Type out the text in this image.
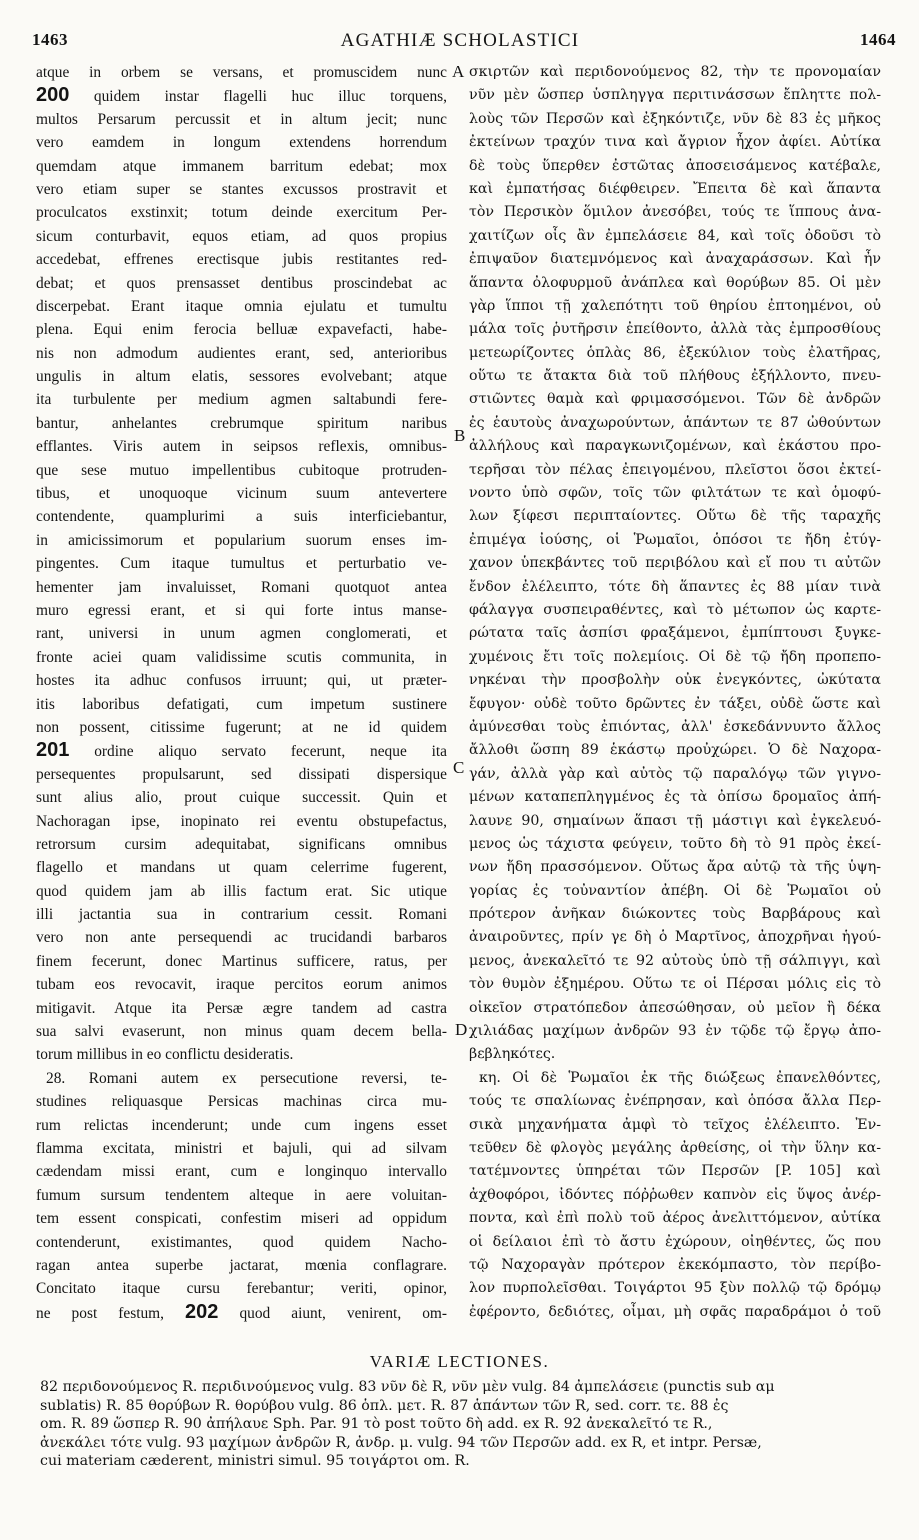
1463	AGATHIÆ SCHOLASTICI	1464
atque in orbem se versans, et promuscidem nunc
200 quidem instar flagelli huc illuc torquens,
multos Persarum percussit et in altum jecit; nunc
vero eamdem in longum extendens horrendum
quemdam atque immanem barritum edebat; mox
vero etiam super se stantes excussos prostravit et
proculcatos exstinxit; totum deinde exercitum Per-
sicum conturbavit, equos etiam, ad quos propius
accedebat, effrenes erectisque jubis restitantes red-
debat; et quos prensasset dentibus proscindebat ac
discerpebat. Erant itaque omnia ejulatu et tumultu
plena. Equi enim ferocia belluæ expavefacti, habe-
nis non admodum audientes erant, sed, anterioribus
ungulis in altum elatis, sessores evolvebant; atque
ita turbulente per medium agmen saltabundi fere-
bantur, anhelantes crebrumque spiritum naribus
efflantes. Viris autem in seipsos reflexis, omnibus-
que sese mutuo impellentibus cubitoque protruden-
tibus, et unoquoque vicinum suum antevertere
contendente, quamplurimi a suis interficiebantur,
in amicissimorum et popularium suorum enses im-
pingentes. Cum itaque tumultus et perturbatio ve-
hementer jam invaluisset, Romani quotquot antea
muro egressi erant, et si qui forte intus manse-
rant, universi in unum agmen conglomerati, et
fronte aciei quam validissime scutis communita, in
hostes ita adhuc confusos irruunt; qui, ut præter-
itis laboribus defatigati, cum impetum sustinere
non possent, citissime fugerunt; at ne id quidem
201 ordine aliquo servato fecerunt, neque ita
persequentes propulsarunt, sed dissipati dispersique
sunt alius alio, prout cuique successit. Quin et
Nachoragan ipse, inopinato rei eventu obstupefactus,
retrorsum cursim adequitabat, significans omnibus
flagello et mandans ut quam celerrime fugerent,
quod quidem jam ab illis factum erat. Sic utique
illi jactantia sua in contrarium cessit. Romani
vero non ante persequendi ac trucidandi barbaros
finem fecerunt, donec Martinus sufficere, ratus, per
tubam eos revocavit, iraque percitos eorum animos
mitigavit. Atque ita Persæ ægre tandem ad castra
sua salvi evaserunt, non minus quam decem bella-
torum millibus in eo conflictu desideratis.
28. Romani autem ex persecutione reversi, te-
studines reliquasque Persicas machinas circa mu-
rum relictas incenderunt; unde cum ingens esset
flamma excitata, ministri et bajuli, qui ad silvam
cædendam missi erant, cum e longinquo intervallo
fumum sursum tendentem alteque in aere voluitan-
tem essent conspicati, confestim miseri ad oppidum
contenderunt, existimantes, quod quidem Nacho-
ragan antea superbe jactarat, mœnia conflagrare.
Concitato itaque cursu ferebantur; veriti, opinor,
ne post festum, 202 quod aiunt, venirent, om-
A
B
C
D
σκιρτῶν καὶ περιδονούμενος 82, τὴν τε προνομαίαν
νῦν μὲν ὥσπερ ὑσπληγγα περιτινάσσων ἔπληττε πολ-
λοὺς τῶν Περσῶν καὶ ἐξηκόντιζε, νῦν δὲ 83 ἐς μῆκος
ἐκτείνων τραχύν τινα καὶ ἄγριον ἦχον ἀφίει. Αὐτίκα
δὲ τοὺς ὕπερθεν ἐστῶτας ἀποσεισάμενος κατέβαλε,
καὶ ἐμπατήσας διέφθειρεν. Ἔπειτα δὲ καὶ ἅπαντα
τὸν Περσικὸν ὅμιλον ἀνεσόβει, τούς τε ἵππους ἀνα-
χαιτίζων οἷς ἂν ἐμπελάσειε 84, καὶ τοῖς ὀδοῦσι τὸ
ἐπιψαῦον διατεμνόμενος καὶ ἀναχαράσσων. Καὶ ἦν
ἅπαντα ὀλοφυρμοῦ ἀνάπλεα καὶ θορύβων 85. Οἱ μὲν
γὰρ ἵπποι τῇ χαλεπότητι τοῦ θηρίου ἐπτοημένοι, οὐ
μάλα τοῖς ῥυτῆρσιν ἐπείθοντο, ἀλλὰ τὰς ἐμπροσθίους
μετεωρίζοντες ὁπλὰς 86, ἐξεκύλιον τοὺς ἐλατῆρας,
οὕτω τε ἄτακτα διὰ τοῦ πλήθους ἐξήλλοντο, πνευ-
στιῶντες θαμὰ καὶ φριμασσόμενοι. Τῶν δὲ ἀνδρῶν
ἐς ἑαυτοὺς ἀναχωρούντων, ἁπάντων τε 87 ὠθούντων
ἀλλήλους καὶ παραγκωνιζομένων, καὶ ἑκάστου προ-
τερῆσαι τὸν πέλας ἐπειγομένου, πλεῖστοι ὅσοι ἐκτεί-
νοντο ὑπὸ σφῶν, τοῖς τῶν φιλτάτων τε καὶ ὁμοφύ-
λων ξίφεσι περιπταίοντες. Οὕτω δὲ τῆς ταραχῆς
ἐπιμέγα ἰούσης, οἱ Ῥωμαῖοι, ὁπόσοι τε ἤδη ἐτύγ-
χανον ὑπεκβάντες τοῦ περιβόλου καὶ εἴ που τι αὐτῶν
ἔνδον ἐλέλειπτο, τότε δὴ ἅπαντες ἐς 88 μίαν τινὰ
φάλαγγα συσπειραθέντες, καὶ τὸ μέτωπον ὡς καρτε-
ρώτατα ταῖς ἀσπίσι φραξάμενοι, ἐμπίπτουσι ξυγκε-
χυμένοις ἔτι τοῖς πολεμίοις. Οἱ δὲ τῷ ἤδη προπεπο-
νηκέναι τὴν προσβολὴν οὐκ ἐνεγκόντες, ὠκύτατα
ἔφυγον· οὐδὲ τοῦτο δρῶντες ἐν τάξει, οὐδὲ ὥστε καὶ
ἀμύνεσθαι τοὺς ἐπιόντας, ἀλλ' ἐσκεδάννυντο ἄλλος
ἄλλοθι ὥσπη 89 ἑκάστῳ προὐχώρει. Ὁ δὲ Ναχορα-
γάν, ἀλλὰ γὰρ καὶ αὐτὸς τῷ παραλόγῳ τῶν γιγνο-
μένων καταπεπληγμένος ἐς τὰ ὀπίσω δρομαῖος ἀπή-
λαυνε 90, σημαίνων ἅπασι τῇ μάστιγι καὶ ἐγκελευό-
μενος ὡς τάχιστα φεύγειν, τοῦτο δὴ τὸ 91 πρὸς ἐκεί-
νων ἤδη πρασσόμενον. Οὕτως ἄρα αὐτῷ τὰ τῆς ὑψη-
γορίας ἐς τοὐναντίον ἀπέβη. Οἱ δὲ Ῥωμαῖοι οὐ
πρότερον ἀνῆκαν διώκοντες τοὺς Βαρβάρους καὶ
ἀναιροῦντες, πρίν γε δὴ ὁ Μαρτῖνος, ἀποχρῆναι ἡγού-
μενος, ἀνεκαλεῖτό τε 92 αὐτοὺς ὑπὸ τῇ σάλπιγγι, καὶ
τὸν θυμὸν ἐξημέρου. Οὕτω τε οἱ Πέρσαι μόλις εἰς τὸ
οἰκεῖον στρατόπεδον ἀπεσώθησαν, οὐ μεῖον ἢ δέκα
χιλιάδας μαχίμων ἀνδρῶν 93 ἐν τῷδε τῷ ἔργῳ ἀπο-
βεβληκότες.
κη. Οἱ δὲ Ῥωμαῖοι ἐκ τῆς διώξεως ἐπανελθόντες,
τούς τε σπαλίωνας ἐνέπρησαν, καὶ ὁπόσα ἄλλα Περ-
σικὰ μηχανήματα ἀμφὶ τὸ τεῖχος ἐλέλειπτο. Ἐν-
τεῦθεν δὲ φλογὸς μεγάλης ἀρθείσης, οἱ τὴν ὕλην κα-
τατέμνοντες ὑπηρέται τῶν Περσῶν [P. 105] καὶ
ἀχθοφόροι, ἰδόντες πόῤῥωθεν καπνὸν εἰς ὕψος ἀνέρ-
ποντα, καὶ ἐπὶ πολὺ τοῦ ἀέρος ἀνελιττόμενον, αὐτίκα
οἱ δείλαιοι ἐπὶ τὸ ἄστυ ἐχώρουν, οἰηθέντες, ὥς που
τῷ Ναχοραγὰν πρότερον ἐκεκόμπαστο, τὸν περίβο-
λον πυρπολεῖσθαι. Τοιγάρτοι 95 ξὺν πολλῷ τῷ δρόμῳ
ἐφέροντο, δεδιότες, οἶμαι, μὴ σφᾶς παραδράμοι ὁ τοῦ
VARIÆ LECTIONES.
82 περιδονούμενος R. περιδινούμενος vulg. 83 νῦν δὲ R, νῦν μὲν vulg. 84 ἀμπελάσειε (punctis sub αμ
sublatis) R. 85 θορύβων R. θορύβου vulg. 86 ὁπλ. μετ. R. 87 ἁπάντων τῶν R, sed. corr. τε. 88 ἐς
om. R. 89 ὥσπερ R. 90 ἀπήλαυε Sph. Par. 91 τὸ post τοῦτο δὴ add. ex R. 92 ἀνεκαλεῖτό τε R.,
ἀνεκάλει τότε vulg. 93 μαχίμων ἀνδρῶν R, ἀνδρ. μ. vulg. 94 τῶν Περσῶν add. ex R, et intpr. Persæ,
cui materiam cæderent, ministri simul. 95 τοιγάρτοι om. R.
